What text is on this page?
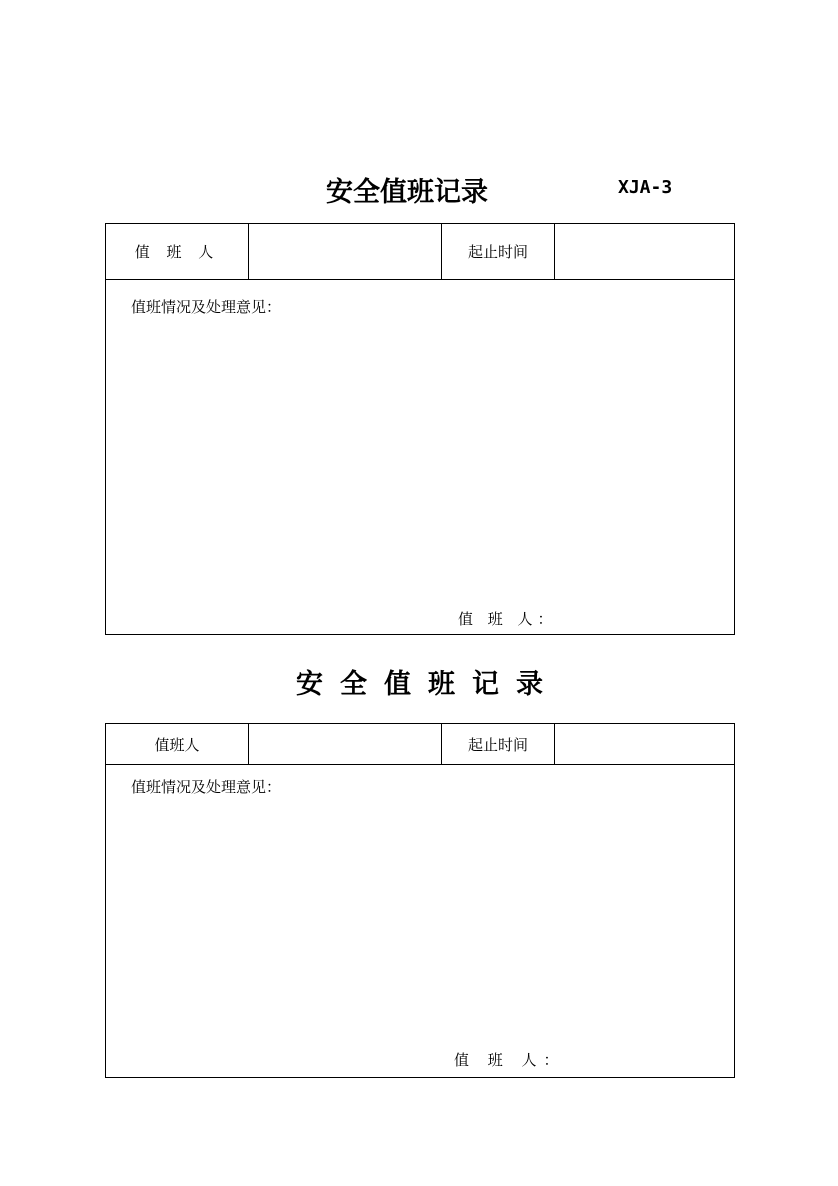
安全值班记录	XJA-3
值 班 人	起止时间
值班情况及处理意见：
值 班 人：
安全值班记录
值班人	起止时间
值班情况及处理意见：
值 班 人：
